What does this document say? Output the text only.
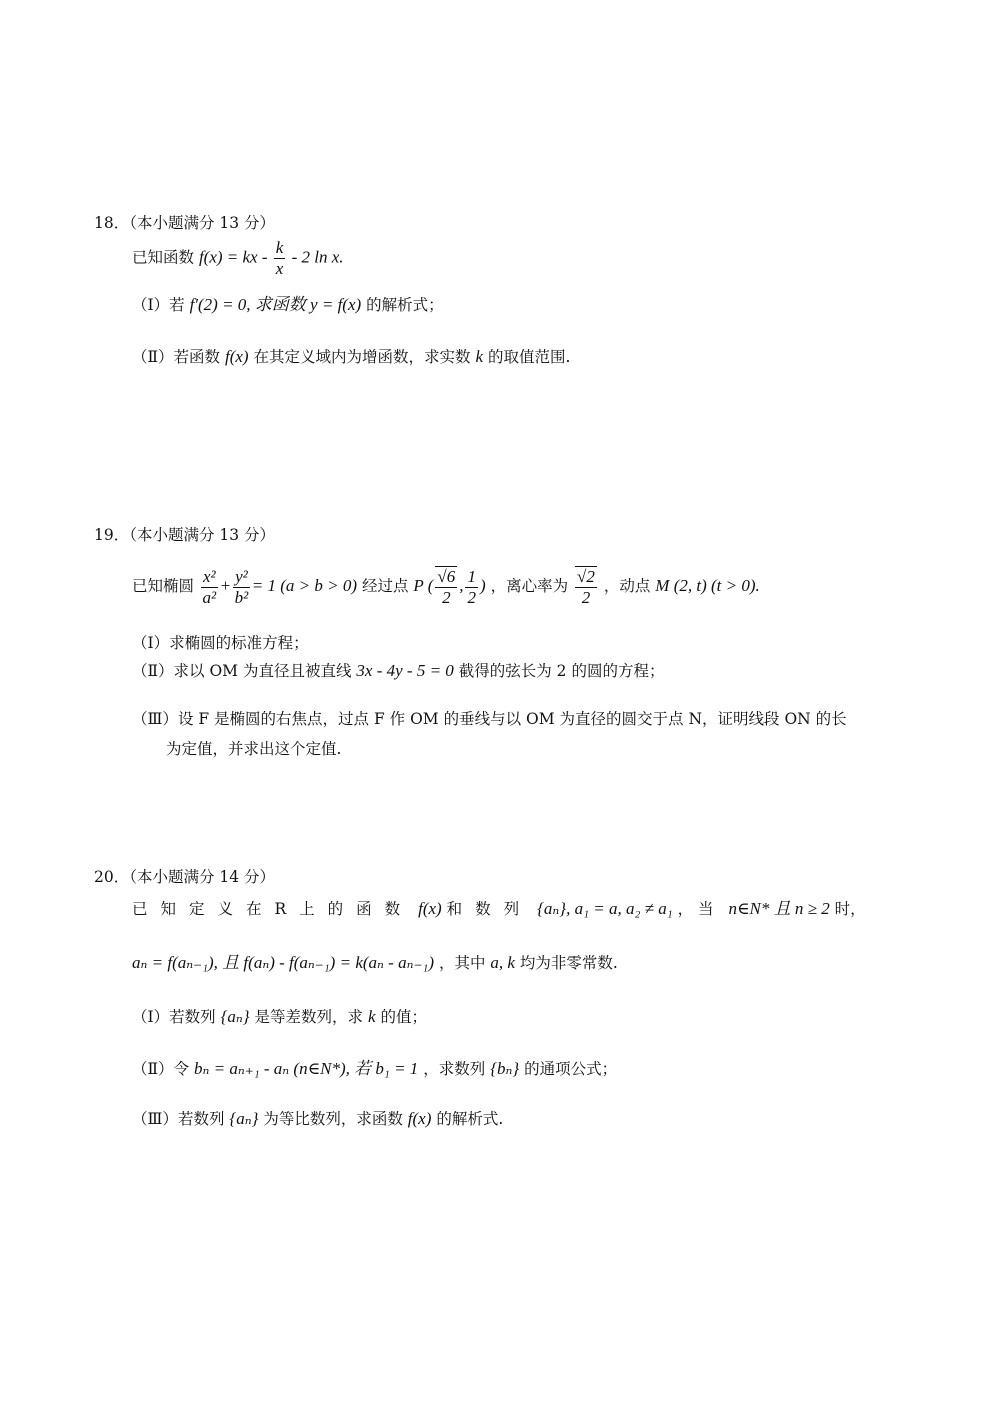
18．（本小题满分 13 分）
已知函数 f(x) = kx - $\frac{k}{x} - 2$ ln x.
（Ⅰ）若 f′(2) = 0, 求函数 y = f(x) 的解析式；
（Ⅱ）若函数 f(x) 在其定义域内为增函数，求实数 k 的取值范围.
19．（本小题满分 13 分）
已知椭圆 $\frac{\text{x²}}{\text{a²}} + \frac{\text{y²}}{\text{b²}} = 1$ (a > b > 0) 经过点 P ( $\frac{√6}{2}$ , $\frac{1}{2}$ ) ，离心率为 $\frac{√2}{2}$ ，动点 M (2, t) (t > 0).
（Ⅰ）求椭圆的标准方程；
（Ⅱ）求以 OM 为直径且被直线 3x - 4y - 5 = 0 截得的弦长为 2 的圆的方程；
（Ⅲ）设 F 是椭圆的右焦点，过点 F 作 OM 的垂线与以 OM 为直径的圆交于点 N，证明线段 ON 的长
为定值，并求出这个定值.
20．（本小题满分 14 分）
已知定义在R上的函数 f(x) 和数列 {aₙ}, a₁ = a, a₂ ≠ a₁ ， 当 n∈N* 且 n ≥ 2 时，
aₙ = f(aₙ₋₁), 且 f(aₙ) - f(aₙ₋₁) = k(aₙ - aₙ₋₁) ，其中 a, k 均为非零常数.
（Ⅰ）若数列 {aₙ} 是等差数列，求 k 的值；
（Ⅱ）令 bₙ = aₙ₊₁ - aₙ (n∈N*), 若 b₁ = 1 ，求数列 {bₙ} 的通项公式；
（Ⅲ）若数列 {aₙ} 为等比数列，求函数 f(x) 的解析式.
